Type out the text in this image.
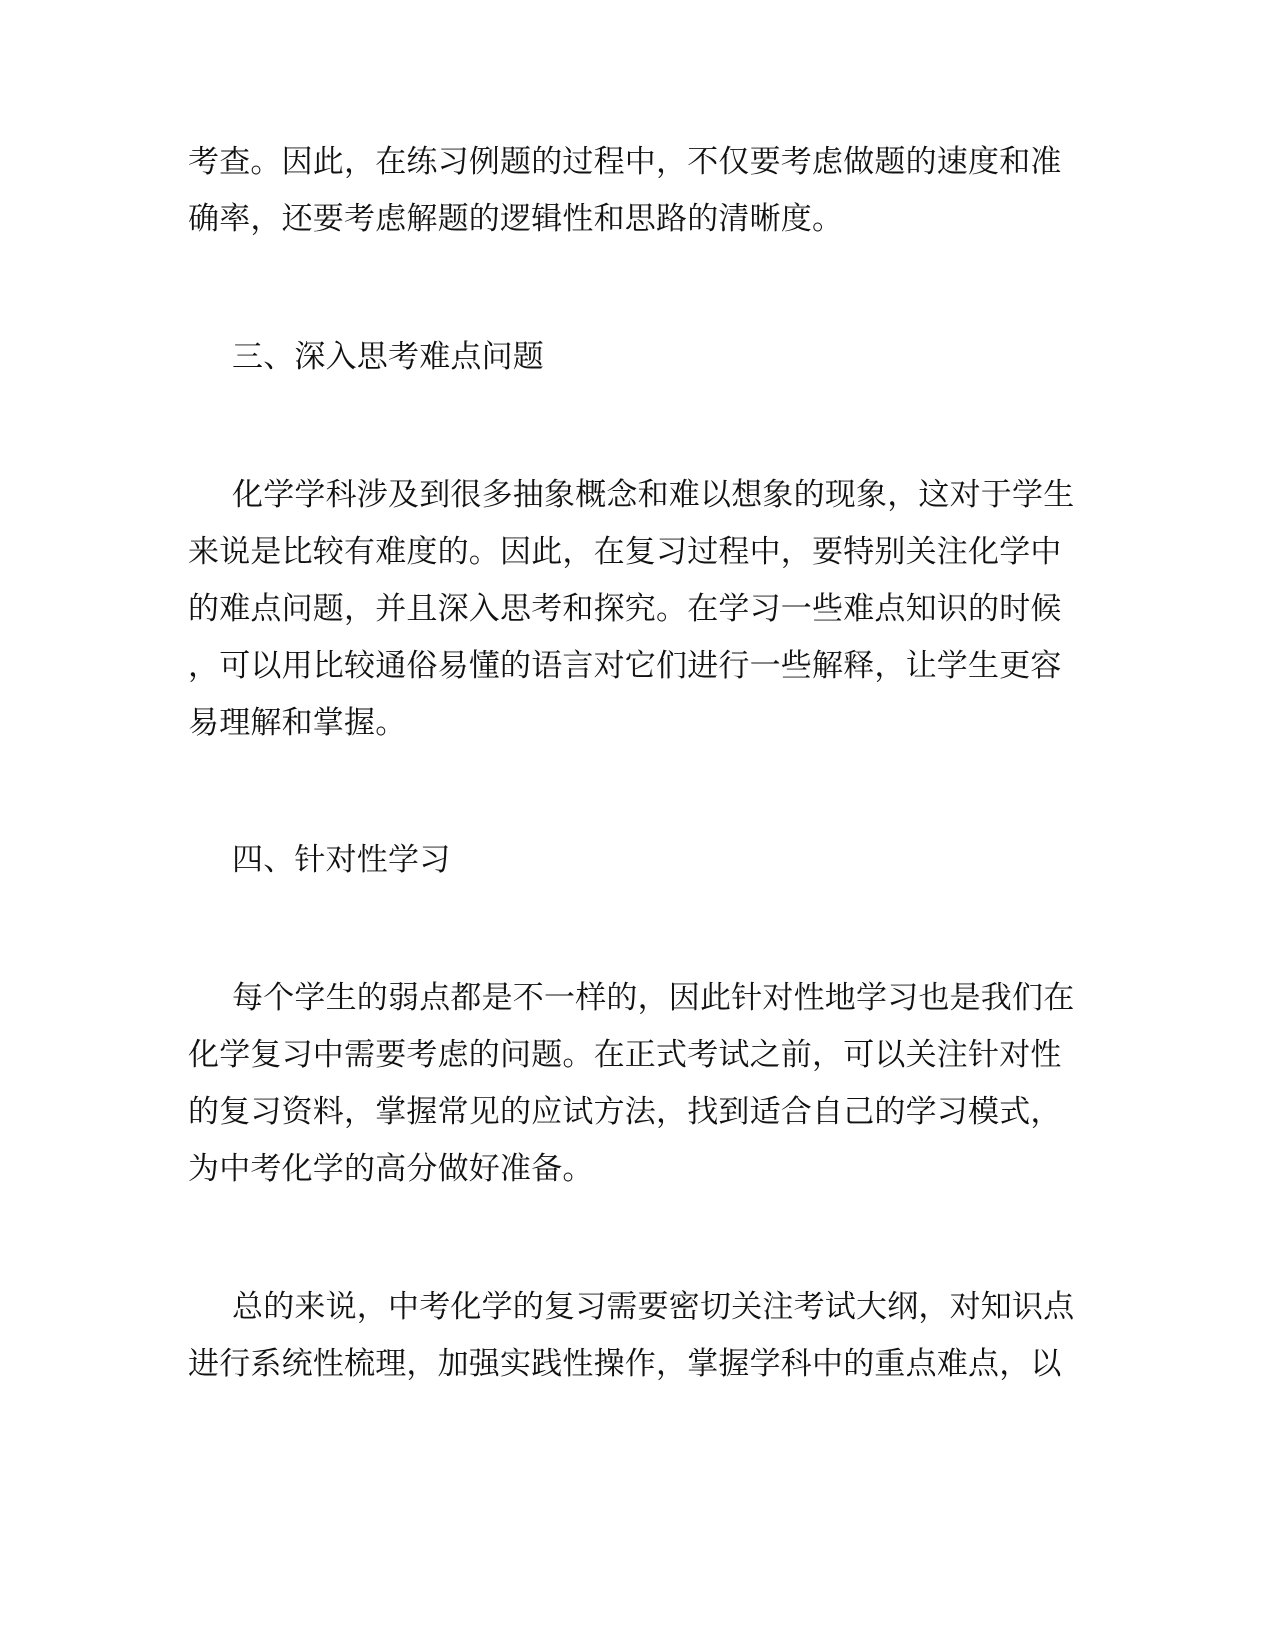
考查。因此，在练习例题的过程中，不仅要考虑做题的速度和准
确率，还要考虑解题的逻辑性和思路的清晰度。
三、深入思考难点问题
化学学科涉及到很多抽象概念和难以想象的现象，这对于学生
来说是比较有难度的。因此，在复习过程中，要特别关注化学中
的难点问题，并且深入思考和探究。在学习一些难点知识的时候
，可以用比较通俗易懂的语言对它们进行一些解释，让学生更容
易理解和掌握。
四、针对性学习
每个学生的弱点都是不一样的，因此针对性地学习也是我们在
化学复习中需要考虑的问题。在正式考试之前，可以关注针对性
的复习资料，掌握常见的应试方法，找到适合自己的学习模式，
为中考化学的高分做好准备。
总的来说，中考化学的复习需要密切关注考试大纲，对知识点
进行系统性梳理，加强实践性操作，掌握学科中的重点难点，以
